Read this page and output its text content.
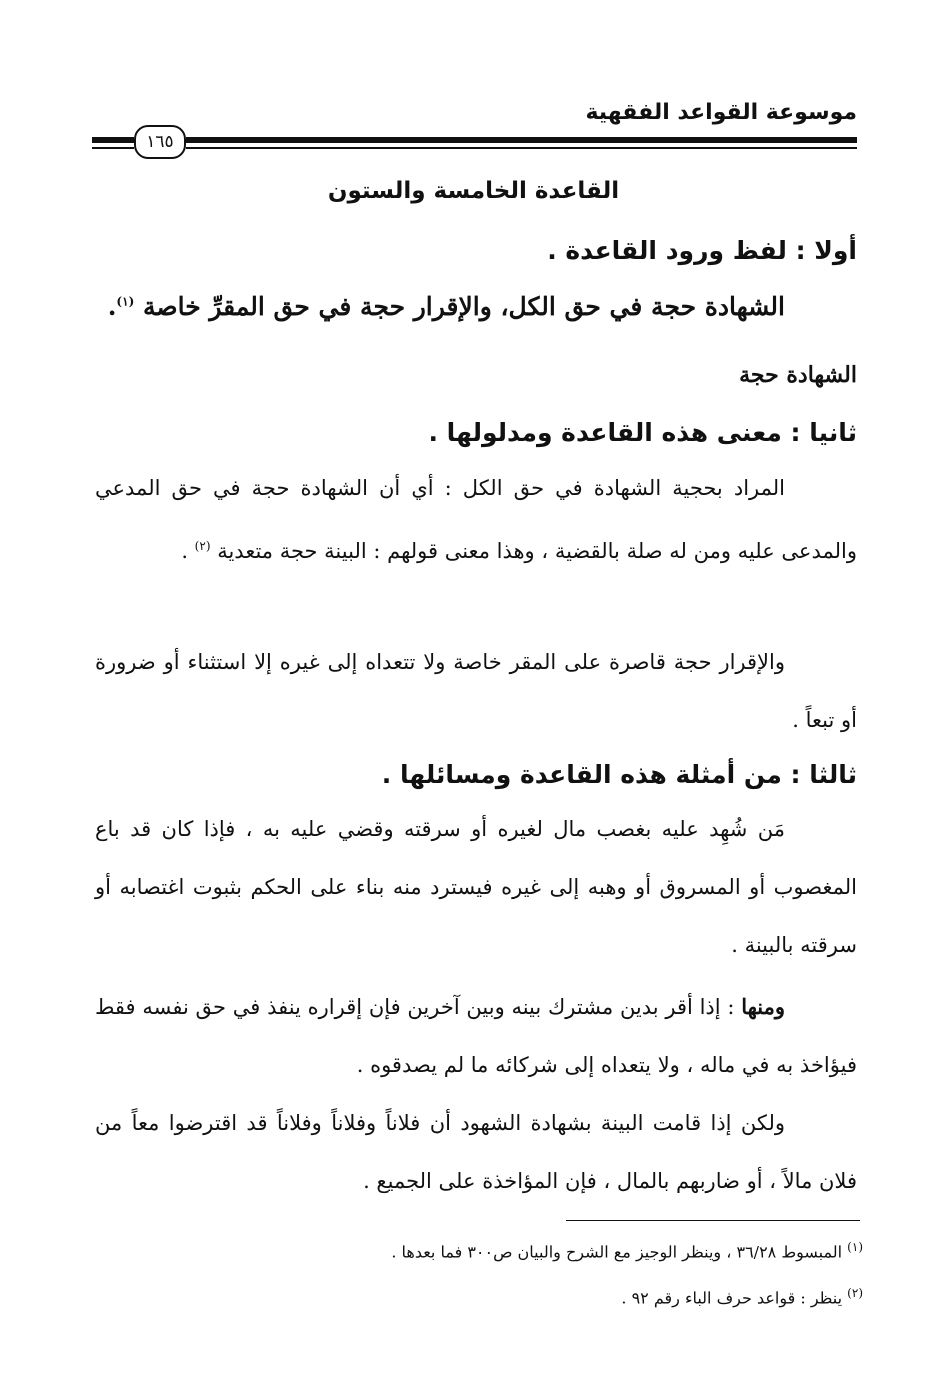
موسوعة القواعد الفقهية
١٦٥
القاعدة الخامسة والستون
أولا : لفظ ورود القاعدة .
الشهادة حجة في حق الكل، والإقرار حجة في حق المقرِّ خاصة $^{(١)}$.
الشهادة حجة
ثانيا : معنى هذه القاعدة ومدلولها .
المراد بحجية الشهادة في حق الكل : أي أن الشهادة حجة في حق المدعي والمدعى عليه ومن له صلة بالقضية ، وهذا معنى قولهم : البينة حجة متعدية $^{(٢)}$ .
والإقرار حجة قاصرة على المقر خاصة ولا تتعداه إلى غيره إلا استثناء أو ضرورة أو تبعاً .
ثالثا : من أمثلة هذه القاعدة ومسائلها .
مَن شُهِد عليه بغصب مال لغيره أو سرقته وقضي عليه به ، فإذا كان قد باع المغصوب أو المسروق أو وهبه إلى غيره فيسترد منه بناء على الحكم بثبوت اغتصابه أو سرقته بالبينة .
ومنها : إذا أقر بدين مشترك بينه وبين آخرين فإن إقراره ينفذ في حق نفسه فقط فيؤاخذ به في ماله ، ولا يتعداه إلى شركائه ما لم يصدقوه .
ولكن إذا قامت البينة بشهادة الشهود أن فلاناً وفلاناً وفلاناً قد اقترضوا معاً من فلان مالاً ، أو ضاربهم بالمال ، فإن المؤاخذة على الجميع .
$^{(١)}$ المبسوط ٣٦/٢٨ ، وينظر الوجيز مع الشرح والبيان ص٣٠٠ فما بعدها .
$^{(٢)}$ ينظر : قواعد حرف الباء رقم ٩٢ .
